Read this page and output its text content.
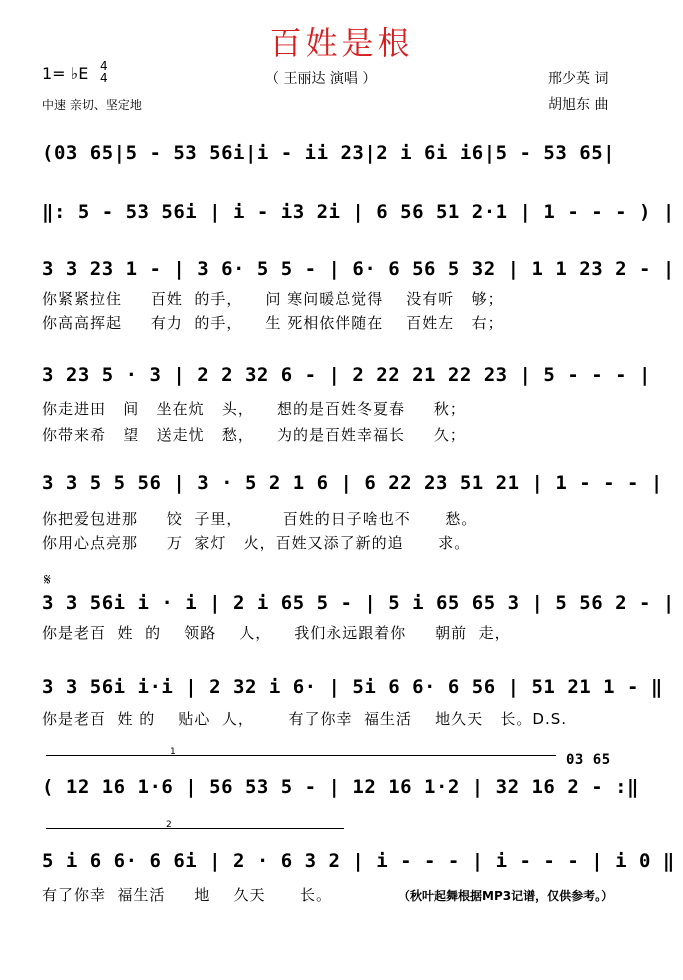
百姓是根
（ 王丽达 演唱 ）	邢少英 词
胡旭东 曲
1= ♭E 4
4
中速 亲切、坚定地
(03 65|5 - 53 56i|i - ii 23|2 i 6i i6|5 - 53 65|
‖: 5 - 53 56i | i - i3 2i | 6 56 51 2·1 | 1 - - - ) |
3 3 23 1 - | 3 6· 5 5 - | 6· 6 56 5 32 | 1 1 23 2 - |
你紧紧拉住     百姓  的手，    问 寒问暖总觉得    没有听   够；
你高高挥起     有力  的手，    生 死相依伴随在    百姓左   右；
3 23 5 · 3 | 2 2 32 6 - | 2 22 21 22 23 | 5 - - - |
你走进田   间   坐在炕   头，    想的是百姓冬夏春     秋；
你带来希   望   送走忧   愁，    为的是百姓幸福长     久；
3 3 5 5 56 | 3 · 5 2 1 6 | 6 22 23 51 21 | 1 - - - |
你把爱包进那     饺  子里，       百姓的日子啥也不      愁。
你用心点亮那     万  家灯   火，百姓又添了新的追      求。
𝄋
3 3 56i i · i | 2 i 65 5 - | 5 i 65 65 3 | 5 56 2 - |
你是老百  姓  的    领路    人，    我们永远跟着你     朝前  走，
3 3 56i i·i | 2 32 i 6· | 5i 6 6· 6 56 | 51 21 1 - ‖
你是老百  姓 的    贴心  人，      有了你幸  福生活    地久天   长。D.S.
1	03 65
( 12 16 1·6 | 56 53 5 - | 12 16 1·2 | 32 16 2 - :‖
2
5 i 6 6· 6 6i | 2 · 6 3 2 | i - - - | i - - - | i 0 ‖
有了你幸  福生活     地    久天      长。	（秋叶起舞根据MP3记谱，仅供参考。）
